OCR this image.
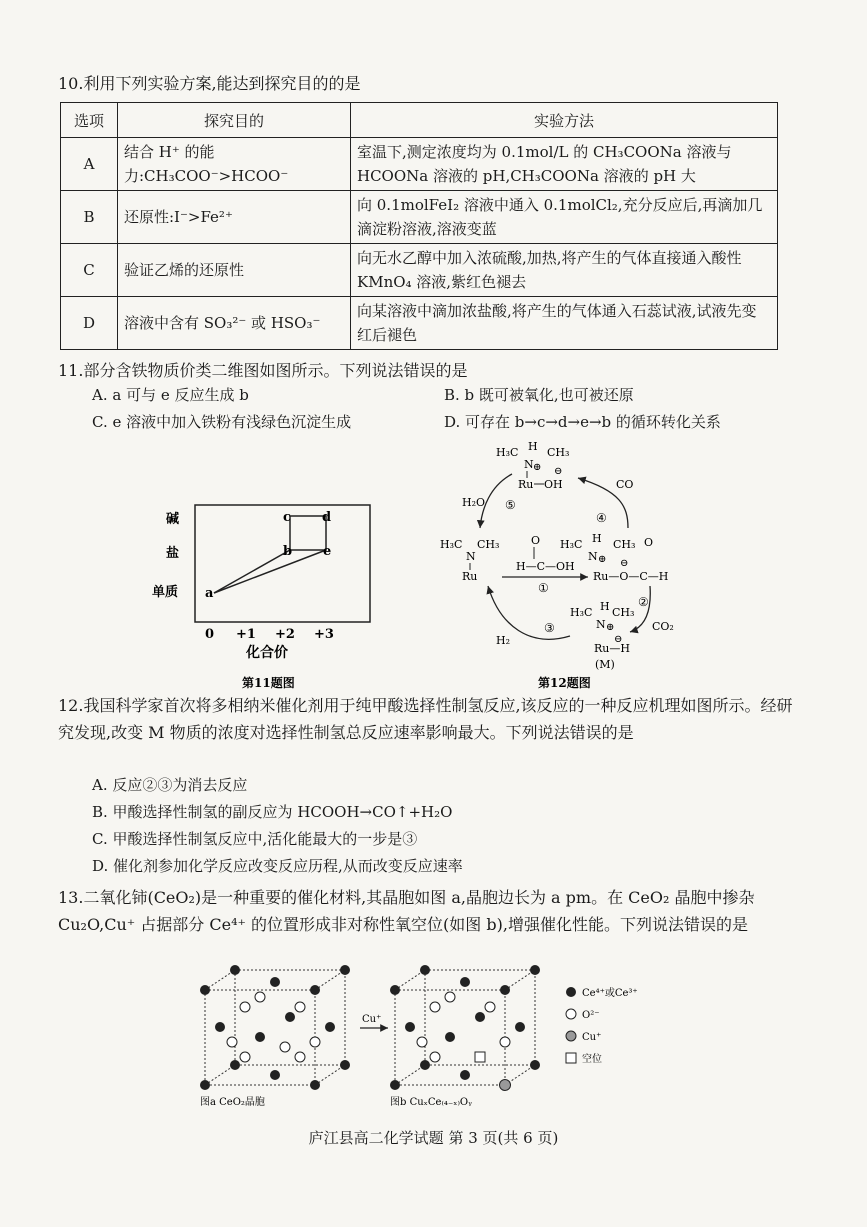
10.利用下列实验方案,能达到探究目的的是
选项	探究目的	实验方法
A	结合 H⁺ 的能力:CH₃COO⁻>HCOO⁻	室温下,测定浓度均为 0.1mol/L 的 CH₃COONa 溶液与 HCOONa 溶液的 pH,CH₃COONa 溶液的 pH 大
B	还原性:I⁻>Fe²⁺	向 0.1molFeI₂ 溶液中通入 0.1molCl₂,充分反应后,再滴加几滴淀粉溶液,溶液变蓝
C	验证乙烯的还原性	向无水乙醇中加入浓硫酸,加热,将产生的气体直接通入酸性 KMnO₄ 溶液,紫红色褪去
D	溶液中含有 SO₃²⁻ 或 HSO₃⁻	向某溶液中滴加浓盐酸,将产生的气体通入石蕊试液,试液先变红后褪色
11.部分含铁物质价类二维图如图所示。下列说法错误的是
A. a 可与 e 反应生成 b	B. b 既可被氧化,也可被还原
C. e 溶液中加入铁粉有浅绿色沉淀生成	D. 可存在 b→c→d→e→b 的循环转化关系
碱
盐
单质
0 +1 +2 +3
化合价
a
b
c d
e
第11题图
H₃C H CH₃
N ⊕ ⊖
Ru OH
H₃C CH₃
N
Ru
O
H—C—OH
①
H₃C H CH₃
N ⊕
O
Ru—O—C—H
⊖
H₃C H CH₃
N ⊕
⊖
Ru—H
(M)
⑤
④
②
③
H₂O
CO
CO₂
H₂
第12题图
12.我国科学家首次将多相纳米催化剂用于纯甲酸选择性制氢反应,该反应的一种反应机理如图所示。经研究发现,改变 M 物质的浓度对选择性制氢总反应速率影响最大。下列说法错误的是
A. 反应②③为消去反应
B. 甲酸选择性制氢的副反应为 HCOOH→CO↑+H₂O
C. 甲酸选择性制氢反应中,活化能最大的一步是③
D. 催化剂参加化学反应改变反应历程,从而改变反应速率
13.二氧化铈(CeO₂)是一种重要的催化材料,其晶胞如图 a,晶胞边长为 a pm。在 CeO₂ 晶胞中掺杂 Cu₂O,Cu⁺ 占据部分 Ce⁴⁺ 的位置形成非对称性氧空位(如图 b),增强催化性能。下列说法错误的是
图a CeO₂晶胞
Cu⁺
图b CuₓCe₍₄₋ₓ₎Oᵧ
Ce⁴⁺或Ce³⁺
O²⁻
Cu⁺
空位
庐江县高二化学试题 第 3 页(共 6 页)
